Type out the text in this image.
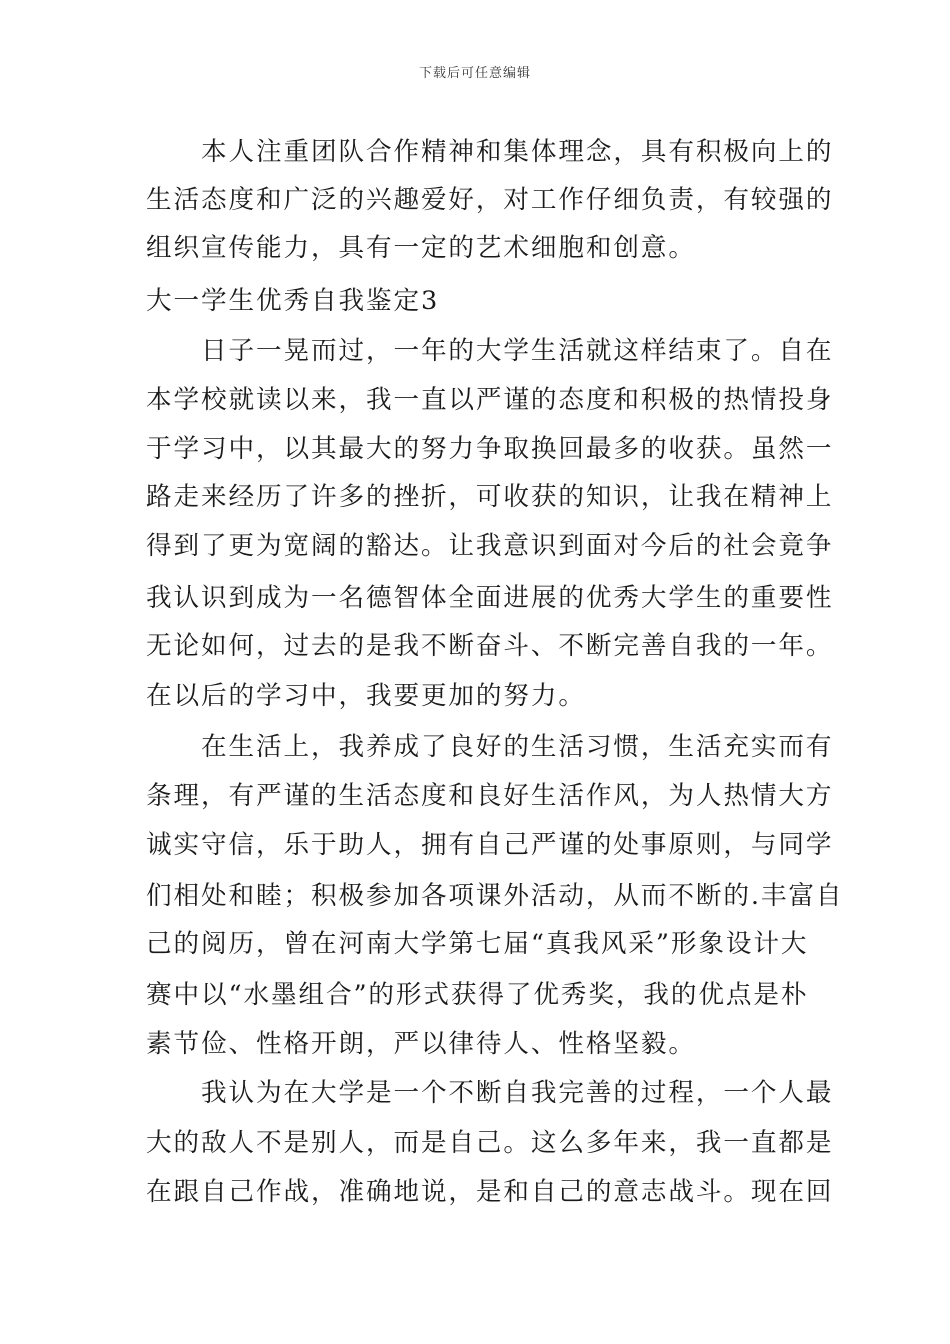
下载后可任意编辑
　　本人注重团队合作精神和集体理念，具有积极向上的
生活态度和广泛的兴趣爱好，对工作仔细负责，有较强的
组织宣传能力，具有一定的艺术细胞和创意。
大一学生优秀自我鉴定3
　　日子一晃而过，一年的大学生活就这样结束了。自在
本学校就读以来，我一直以严谨的态度和积极的热情投身
于学习中，以其最大的努力争取换回最多的收获。虽然一
路走来经历了许多的挫折，可收获的知识，让我在精神上
得到了更为宽阔的豁达。让我意识到面对今后的社会竟争
我认识到成为一名德智体全面进展的优秀大学生的重要性
无论如何，过去的是我不断奋斗、不断完善自我的一年。
在以后的学习中，我要更加的努力。
　　在生活上，我养成了良好的生活习惯，生活充实而有
条理，有严谨的生活态度和良好生活作风，为人热情大方
诚实守信，乐于助人，拥有自己严谨的处事原则，与同学
们相处和睦；积极参加各项课外活动，从而不断的.丰富自
己的阅历，曾在河南大学第七届“真我风采”形象设计大
赛中以“水墨组合”的形式获得了优秀奖，我的优点是朴
素节俭、性格开朗，严以律待人、性格坚毅。
　　我认为在大学是一个不断自我完善的过程，一个人最
大的敌人不是别人，而是自己。这么多年来，我一直都是
在跟自己作战，准确地说，是和自己的意志战斗。现在回
